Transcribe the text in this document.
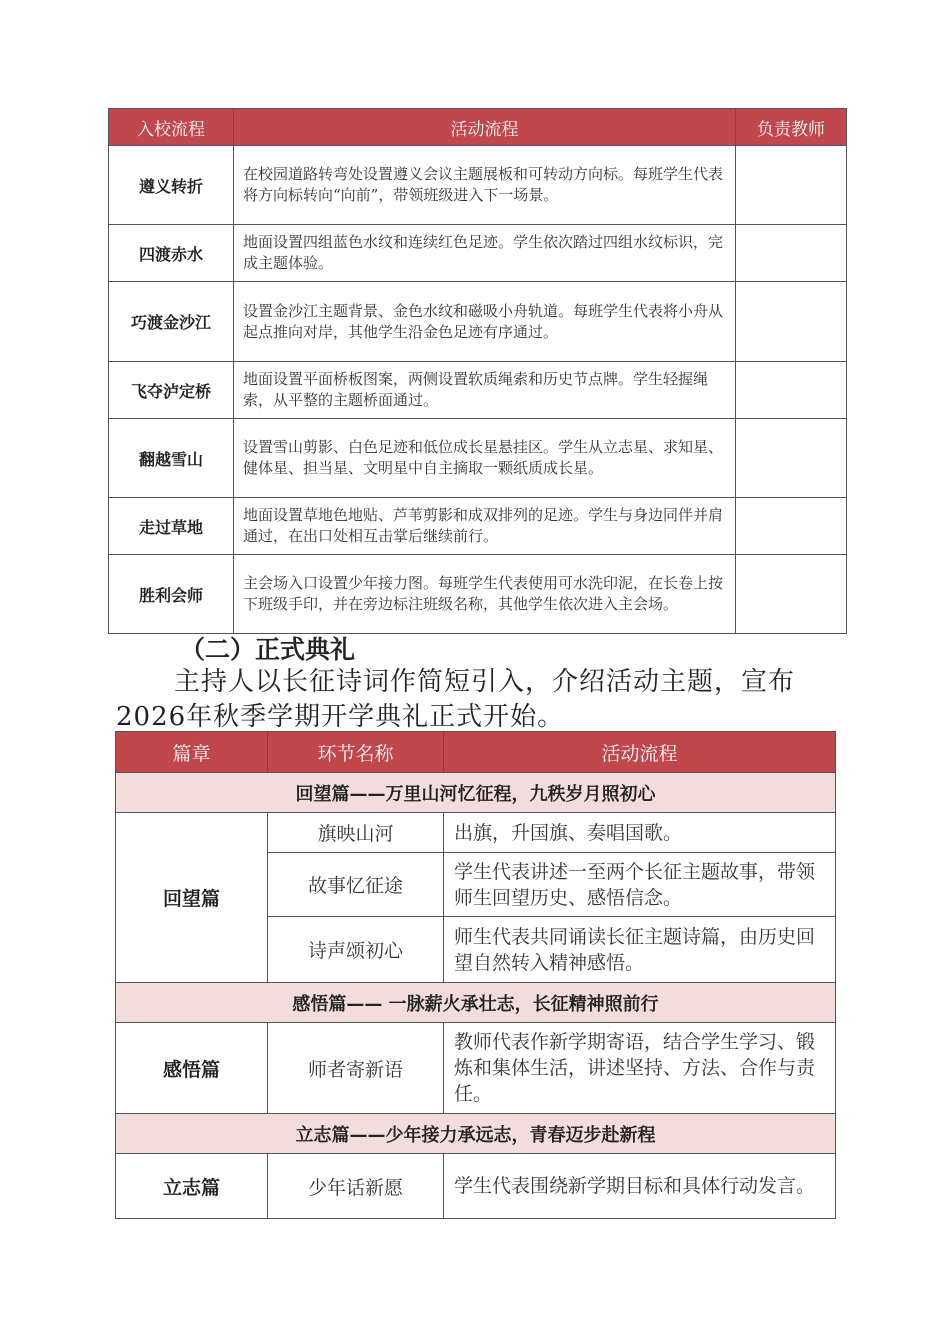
入校流程	活动流程	负责教师
遵义转折	在校园道路转弯处设置遵义会议主题展板和可转动方向标。每班学生代表将方向标转向“向前”，带领班级进入下一场景。	
四渡赤水	地面设置四组蓝色水纹和连续红色足迹。学生依次踏过四组水纹标识，完成主题体验。	
巧渡金沙江	设置金沙江主题背景、金色水纹和磁吸小舟轨道。每班学生代表将小舟从起点推向对岸，其他学生沿金色足迹有序通过。	
飞夺泸定桥	地面设置平面桥板图案，两侧设置软质绳索和历史节点牌。学生轻握绳索，从平整的主题桥面通过。	
翻越雪山	设置雪山剪影、白色足迹和低位成长星悬挂区。学生从立志星、求知星、健体星、担当星、文明星中自主摘取一颗纸质成长星。	
走过草地	地面设置草地色地贴、芦苇剪影和成双排列的足迹。学生与身边同伴并肩通过，在出口处相互击掌后继续前行。	
胜利会师	主会场入口设置少年接力图。每班学生代表使用可水洗印泥，在长卷上按下班级手印，并在旁边标注班级名称，其他学生依次进入主会场。	
（二）正式典礼

主持人以长征诗词作简短引入，介绍活动主题，宣布2026年秋季学期开学典礼正式开始。

篇章	环节名称	活动流程
回望篇——万里山河忆征程，九秩岁月照初心		
回望篇	旗映山河	出旗，升国旗、奏唱国歌。
	故事忆征途	学生代表讲述一至两个长征主题故事，带领师生回望历史、感悟信念。
	诗声颂初心	师生代表共同诵读长征主题诗篇，由历史回望自然转入精神感悟。
感悟篇—— 一脉薪火承壮志，长征精神照前行		
感悟篇	师者寄新语	教师代表作新学期寄语，结合学生学习、锻炼和集体生活，讲述坚持、方法、合作与责任。
立志篇——少年接力承远志，青春迈步赴新程		
立志篇	少年话新愿	学生代表围绕新学期目标和具体行动发言。
